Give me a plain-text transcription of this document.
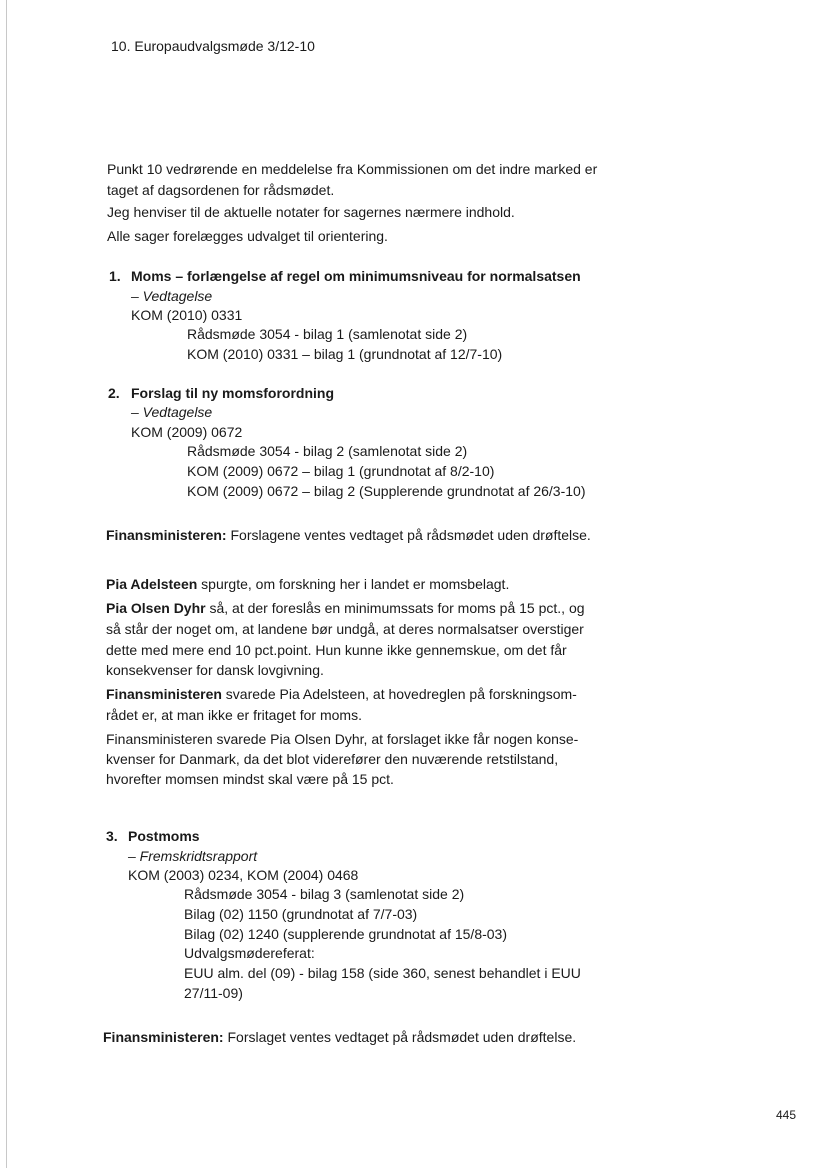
10. Europaudvalgsmøde 3/12-10
Punkt 10 vedrørende en meddelelse fra Kommissionen om det indre marked er
taget af dagsordenen for rådsmødet.
Jeg henviser til de aktuelle notater for sagernes nærmere indhold.
Alle sager forelægges udvalget til orientering.
1. Moms – forlængelse af regel om minimumsniveau for normalsatsen
– Vedtagelse
KOM (2010) 0331
Rådsmøde 3054 - bilag 1 (samlenotat side 2)
KOM (2010) 0331 – bilag 1 (grundnotat af 12/7-10)
2. Forslag til ny momsforordning
– Vedtagelse
KOM (2009) 0672
Rådsmøde 3054 - bilag 2 (samlenotat side 2)
KOM (2009) 0672 – bilag 1 (grundnotat af 8/2-10)
KOM (2009) 0672 – bilag 2 (Supplerende grundnotat af 26/3-10)
Finansministeren: Forslagene ventes vedtaget på rådsmødet uden drøftelse.
Pia Adelsteen spurgte, om forskning her i landet er momsbelagt.
Pia Olsen Dyhr så, at der foreslås en minimumssats for moms på 15 pct., og
så står der noget om, at landene bør undgå, at deres normalsatser overstiger
dette med mere end 10 pct.point. Hun kunne ikke gennemskue, om det får
konsekvenser for dansk lovgivning.
Finansministeren svarede Pia Adelsteen, at hovedreglen på forskningsom-
rådet er, at man ikke er fritaget for moms.
Finansministeren svarede Pia Olsen Dyhr, at forslaget ikke får nogen konse-
kvenser for Danmark, da det blot viderefører den nuværende retstilstand,
hvorefter momsen mindst skal være på 15 pct.
3. Postmoms
– Fremskridtsrapport
KOM (2003) 0234, KOM (2004) 0468
Rådsmøde 3054 - bilag 3 (samlenotat side 2)
Bilag (02) 1150 (grundnotat af 7/7-03)
Bilag (02) 1240 (supplerende grundnotat af 15/8-03)
Udvalgsmødereferat:
EUU alm. del (09) - bilag 158 (side 360, senest behandlet i EUU
27/11-09)
Finansministeren: Forslaget ventes vedtaget på rådsmødet uden drøftelse.
445
